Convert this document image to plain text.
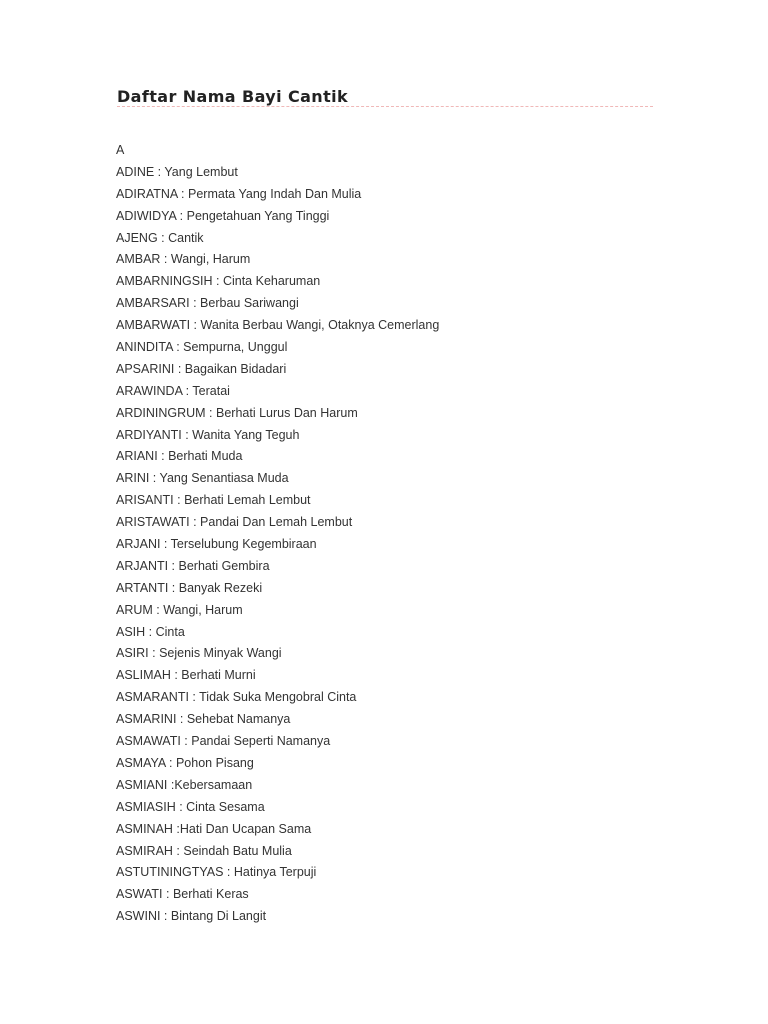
Daftar Nama Bayi Cantik
A
ADINE : Yang Lembut
ADIRATNA : Permata Yang Indah Dan Mulia
ADIWIDYA : Pengetahuan Yang Tinggi
AJENG : Cantik
AMBAR : Wangi, Harum
AMBARNINGSIH : Cinta Keharuman
AMBARSARI : Berbau Sariwangi
AMBARWATI : Wanita Berbau Wangi, Otaknya Cemerlang
ANINDITA : Sempurna, Unggul
APSARINI : Bagaikan Bidadari
ARAWINDA : Teratai
ARDININGRUM : Berhati Lurus Dan Harum
ARDIYANTI : Wanita Yang Teguh
ARIANI : Berhati Muda
ARINI : Yang Senantiasa Muda
ARISANTI : Berhati Lemah Lembut
ARISTAWATI : Pandai Dan Lemah Lembut
ARJANI : Terselubung Kegembiraan
ARJANTI : Berhati Gembira
ARTANTI : Banyak Rezeki
ARUM : Wangi, Harum
ASIH : Cinta
ASIRI : Sejenis Minyak Wangi
ASLIMAH : Berhati Murni
ASMARANTI : Tidak Suka Mengobral Cinta
ASMARINI : Sehebat Namanya
ASMAWATI : Pandai Seperti Namanya
ASMAYA : Pohon Pisang
ASMIANI :Kebersamaan
ASMIASIH : Cinta Sesama
ASMINAH :Hati Dan Ucapan Sama
ASMIRAH : Seindah Batu Mulia
ASTUTININGTYAS : Hatinya Terpuji
ASWATI : Berhati Keras
ASWINI : Bintang Di Langit
